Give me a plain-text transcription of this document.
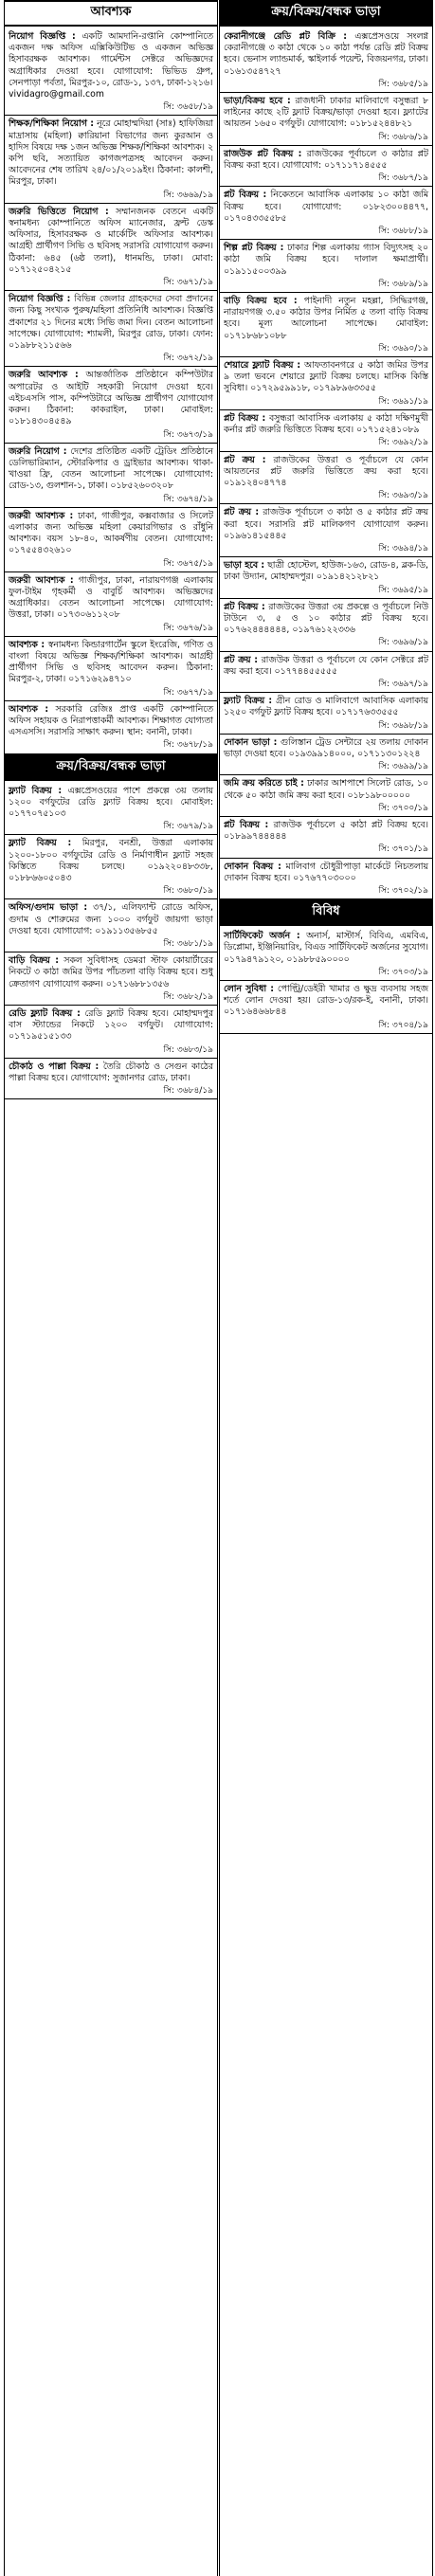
আবশ্যক
নিয়োগ বিজ্ঞপ্তি : একটি আমদানি-রপ্তানি কোম্পানিতে একজন দক্ষ অফিস এক্সিকিউটিভ ও একজন অভিজ্ঞ হিসাবরক্ষক আবশ্যক। গার্মেন্টস সেক্টরে অভিজ্ঞদের অগ্রাধিকার দেওয়া হবে। যোগাযোগ: ভিভিড গ্রুপ, সেনপাড়া পর্বতা, মিরপুর-১০, রোড-১, ১৩৭, ঢাকা-১২১৬।
vividagro@gmail.com
সি: ৩৬৫৮/১৯
শিক্ষক/শিক্ষিকা নিয়োগ : নূরে মোহাম্মদিয়া (সাঃ) হাফিজিয়া মাদ্রাসায় (মহিলা) ক্বারিয়ানা বিভাগের জন্য কুরআন ও হাদিস বিষয়ে দক্ষ ১জন অভিজ্ঞ শিক্ষক/শিক্ষিকা আবশ্যক। ২ কপি ছবি, সত্যায়িত কাগজপত্রসহ আবেদন করুন। আবেদনের শেষ তারিখ ২৪/০১/২০১৯ইং। ঠিকানা: কালশী, মিরপুর, ঢাকা।
সি: ৩৬৬৯/১৯
জরুরি ভিত্তিতে নিয়োগ : সম্মানজনক বেতনে একটি স্বনামধন্য কোম্পানিতে অফিস ম্যানেজার, ফ্রন্ট ডেস্ক অফিসার, হিসাবরক্ষক ও মার্কেটিং অফিসার আবশ্যক। আগ্রহী প্রার্থীগণ সিভি ও ছবিসহ সরাসরি যোগাযোগ করুন। ঠিকানা: ৬৪৫ (৬ষ্ঠ তলা), ধানমন্ডি, ঢাকা। মোবা: ০১৭১২৫০৪২১৫
সি: ৩৬৭১/১৯
নিয়োগ বিজ্ঞপ্তি : বিভিন্ন জেলার গ্রাহকদের সেবা প্রদানের জন্য কিছু সংখ্যক পুরুষ/মহিলা প্রতিনিধি আবশ্যক। বিজ্ঞপ্তি প্রকাশের ২১ দিনের মধ্যে সিভি জমা দিন। বেতন আলোচনা সাপেক্ষে। যোগাযোগ: শ্যামলী, মিরপুর রোড, ঢাকা। ফোন: ০১৯৮৮২১১৫৬৬
সি: ৩৬৭২/১৯
জরুরি আবশ্যক : আন্তর্জাতিক প্রতিষ্ঠানে কম্পিউটার অপারেটর ও আইটি সহকারী নিয়োগ দেওয়া হবে। এইচএসসি পাস, কম্পিউটারে অভিজ্ঞ প্রার্থীগণ যোগাযোগ করুন। ঠিকানা: কাকরাইল, ঢাকা। মোবাইল: ০১৮১৪৩০৪৫৪৯
সি: ৩৬৭৩/১৯
জরুরি নিয়োগ : দেশের প্রতিষ্ঠিত একটি ট্রেডিং প্রতিষ্ঠানে ডেলিভারিম্যান, স্টোরকিপার ও ড্রাইভার আবশ্যক। থাকা-খাওয়া ফ্রি, বেতন আলোচনা সাপেক্ষে। যোগাযোগ: রোড-১৩, গুলশান-১, ঢাকা। ০১৮৫২৬০৩২০৮
সি: ৩৬৭৪/১৯
জরুরী আবশ্যক : ঢাকা, গাজীপুর, কক্সবাজার ও সিলেট এলাকার জন্য অভিজ্ঞ মহিলা কেয়ারগিভার ও রাঁধুনি আবশ্যক। বয়স ১৮-৪০, আকর্ষণীয় বেতন। যোগাযোগ: ০১৭৫৫৪৩২৬১০
সি: ৩৬৭৫/১৯
জরুরী আবশ্যক : গাজীপুর, ঢাকা, নারায়ণগঞ্জ এলাকায় ফুল-টাইম গৃহকর্মী ও বাবুর্চি আবশ্যক। অভিজ্ঞদের অগ্রাধিকার। বেতন আলোচনা সাপেক্ষে। যোগাযোগ: উত্তরা, ঢাকা। ০১৭৩০৬১১২০৮
সি: ৩৬৭৬/১৯
আবশ্যক : স্বনামধন্য কিন্ডারগার্টেন স্কুলে ইংরেজি, গণিত ও বাংলা বিষয়ে অভিজ্ঞ শিক্ষক/শিক্ষিকা আবশ্যক। আগ্রহী প্রার্থীগণ সিভি ও ছবিসহ আবেদন করুন। ঠিকানা: মিরপুর-২, ঢাকা। ০১৭১৬২৯৪৭১০
সি: ৩৬৭৭/১৯
আবশ্যক : সরকারি রেজিঃ প্রাপ্ত একটি কোম্পানিতে অফিস সহায়ক ও নিরাপত্তাকর্মী আবশ্যক। শিক্ষাগত যোগ্যতা এসএসসি। সরাসরি সাক্ষাৎ করুন। স্থান: বনানী, ঢাকা।
সি: ৩৬৭৮/১৯
ক্রয়/বিক্রয়/বন্ধক ভাড়া
ফ্ল্যাট বিক্রয় : এক্সপ্রেসওয়ের পাশে প্রকল্পে ৩য় তলায় ১২০০ বর্গফুটের রেডি ফ্ল্যাট বিক্রয় হবে। মোবাইল: ০১৭৭০৭৫১০৩
সি: ৩৬৭৯/১৯
ফ্ল্যাট বিক্রয় : মিরপুর, বনশ্রী, উত্তরা এলাকায় ১২০০-১৮০০ বর্গফুটের রেডি ও নির্মাণাধীন ফ্ল্যাট সহজ কিস্তিতে বিক্রয় চলছে। ০১৯২২০৪৮৩৩৮, ০১৮৮৬৬০৫০৪৩
সি: ৩৬৮০/১৯
অফিস/গুদাম ভাড়া : ৩৭/১, এলিফ্যান্ট রোডে অফিস, গুদাম ও শোরুমের জন্য ১০০০ বর্গফুট জায়গা ভাড়া দেওয়া হবে। যোগাযোগ: ০১৯১১৩৫৬৮৫৫
সি: ৩৬৮১/১৯
বাড়ি বিক্রয় : সকল সুবিধাসহ ডেমরা স্টাফ কোয়ার্টারের নিকটে ৩ কাঠা জমির উপর পাঁচতলা বাড়ি বিক্রয় হবে। শুধু ক্রেতাগণ যোগাযোগ করুন। ০১৭১৬৮৮১৩৫৬
সি: ৩৬৮২/১৯
রেডি ফ্ল্যাট বিক্রয় : রেডি ফ্ল্যাট বিক্রয় হবে। মোহাম্মদপুর বাস স্ট্যান্ডের নিকটে ১২০০ বর্গফুট। যোগাযোগ: ০১৭১৯৫১৫১৩৩
সি: ৩৬৮৩/১৯
চৌকাঠ ও পাল্লা বিক্রয় : তৈরি চৌকাঠ ও সেগুন কাঠের পাল্লা বিক্রয় হবে। যোগাযোগ: সুজানগর রোড, ঢাকা।
সি: ৩৬৮৪/১৯
ক্রয়/বিক্রয়/বন্ধক ভাড়া
কেরানীগঞ্জে রেডি প্লট বিক্রি : এক্সপ্রেসওয়ে সংলগ্ন কেরানীগঞ্জে ৩ কাঠা থেকে ১০ কাঠা পর্যন্ত রেডি প্লট বিক্রয় হবে। ভেনাস ল্যান্ডমার্ক, স্কাইলার্ক পয়েন্ট, বিজয়নগর, ঢাকা। ০১৬১৩৫৪৭২৭
সি: ৩৬৮৫/১৯
ভাড়া/বিক্রয় হবে : রাজধানী ঢাকার মালিবাগে বসুন্ধরা ৮ লাইনের কাছে ২টি ফ্ল্যাট বিক্রয়/ভাড়া দেওয়া হবে। ফ্ল্যাটের আয়তন ১৬৫০ বর্গফুট। যোগাযোগ: ০১৮১৫২৪৪৮২১
সি: ৩৬৮৬/১৯
রাজউক প্লট বিক্রয় : রাজউকের পূর্বাচলে ৩ কাঠার প্লট বিক্রয় করা হবে। যোগাযোগ: ০১৭১১৭১৪৫৫৫
সি: ৩৬৮৭/১৯
প্লট বিক্রয় : নিকেতনে আবাসিক এলাকায় ১০ কাঠা জমি বিক্রয় হবে। যোগাযোগ: ০১৮২৩০০৪৪৭৭, ০১৭০৪৩৩৫৫৮৫
সি: ৩৬৮৮/১৯
শিল্প প্লট বিক্রয় : ঢাকার শিল্প এলাকায় গ্যাস বিদ্যুৎসহ ২০ কাঠা জমি বিক্রয় হবে। দালাল ক্ষমাপ্রার্থী। ০১৯১১৫০০৩৯৯
সি: ৩৬৮৯/১৯
বাড়ি বিক্রয় হবে : পাইনাদী নতুন মহল্লা, সিদ্ধিরগঞ্জ, নারায়ণগঞ্জ ৩.৫০ কাঠার উপর নির্মিত ৫ তলা বাড়ি বিক্রয় হবে। মূল্য আলোচনা সাপেক্ষে। মোবাইল: ০১৭১৮৬৮১০৮৮
সি: ৩৬৯০/১৯
শেয়ারে ফ্ল্যাট বিক্রয় : আফতাবনগরে ৫ কাঠা জমির উপর ৯ তলা ভবনে শেয়ারে ফ্ল্যাট বিক্রয় চলছে। মাসিক কিস্তি সুবিধা। ০১৭২৯৫৯৯১৮, ০১৭৯৮৯৬৩৩৫৫
সি: ৩৬৯১/১৯
প্লট বিক্রয় : বসুন্ধরা আবাসিক এলাকায় ৫ কাঠা দক্ষিণমুখী কর্নার প্লট জরুরি ভিত্তিতে বিক্রয় হবে। ০১৭১৫২৪১০৮৯
সি: ৩৬৯২/১৯
প্লট ক্রয় : রাজউকের উত্তরা ও পূর্বাচলে যে কোন আয়তনের প্লট জরুরি ভিত্তিতে ক্রয় করা হবে। ০১৯১২৪০৪৭৭৪
সি: ৩৬৯৩/১৯
প্লট ক্রয় : রাজউক পূর্বাচলে ৩ কাঠা ও ৫ কাঠার প্লট ক্রয় করা হবে। সরাসরি প্লট মালিকগণ যোগাযোগ করুন। ০১৯৬১৪১৫৪৪৫
সি: ৩৬৯৪/১৯
ভাড়া হবে : ছাত্রী হোস্টেল, হাউজ-১৬৩, রোড-৪, ব্লক-ডি, ঢাকা উদ্যান, মোহাম্মদপুর। ০১৯১৪২১২৮২১
সি: ৩৬৯৫/১৯
প্লট বিক্রয় : রাজউকের উত্তরা ৩য় প্রকল্পে ও পূর্বাচলে নিউ টাউনে ৩, ৫ ও ১০ কাঠার প্লট বিক্রয় হবে। ০১৭৬২৪৪৪৪৪৪, ০১৯৭৬১২২৩৩৬
সি: ৩৬৯৬/১৯
প্লট ক্রয় : রাজউক উত্তরা ও পূর্বাচলে যে কোন সেক্টরে প্লট ক্রয় করা হবে। ০১৭৭৪৪৫৫৫৫৫
সি: ৩৬৯৭/১৯
ফ্ল্যাট বিক্রয় : গ্রীন রোড ও মালিবাগে আবাসিক এলাকায় ১২৫০ বর্গফুট ফ্ল্যাট বিক্রয় হবে। ০১৭১৭৬৩৩৫৫৫
সি: ৩৬৯৮/১৯
দোকান ভাড়া : গুলিস্তান ট্রেড সেন্টারে ২য় তলায় দোকান ভাড়া দেওয়া হবে। ০১৯৩৯৯১৪০০০, ০১৭১১৩০১২২৪
সি: ৩৬৯৯/১৯
জমি ক্রয় করিতে চাই : ঢাকার আশপাশে সিলেট রোড, ১০ থেকে ৫০ কাঠা জমি ক্রয় করা হবে। ০১৮১৯৮০০০০০
সি: ৩৭০০/১৯
প্লট বিক্রয় : রাজউক পূর্বাচলে ৫ কাঠা প্লট বিক্রয় হবে। ০১৮৯৯৭৪৪৪৪৪
সি: ৩৭০১/১৯
দোকান বিক্রয় : মালিবাগ চৌধুরীপাড়া মার্কেটে নিচতলায় দোকান বিক্রয় হবে। ০১৭৬৭৭০৩০০০
সি: ৩৭০২/১৯
বিবিধ
সার্টিফিকেট অর্জন : অনার্স, মাস্টার্স, বিবিএ, এমবিএ, ডিপ্লোমা, ইঞ্জিনিয়ারিং, বিএড সার্টিফিকেট অর্জনের সুযোগ। ০১৭৯৪৭৯১২০, ০১৯৮৮৫৯০০০০
সি: ৩৭০৩/১৯
লোন সুবিধা : পোল্ট্রি/ডেইরী খামার ও ক্ষুদ্র ব্যবসায় সহজ শর্তে লোন দেওয়া হয়। রোড-১৩/রক-ই, বনানী, ঢাকা। ০১৭১৬৪৬৬৮৪৪
সি: ৩৭০৪/১৯
